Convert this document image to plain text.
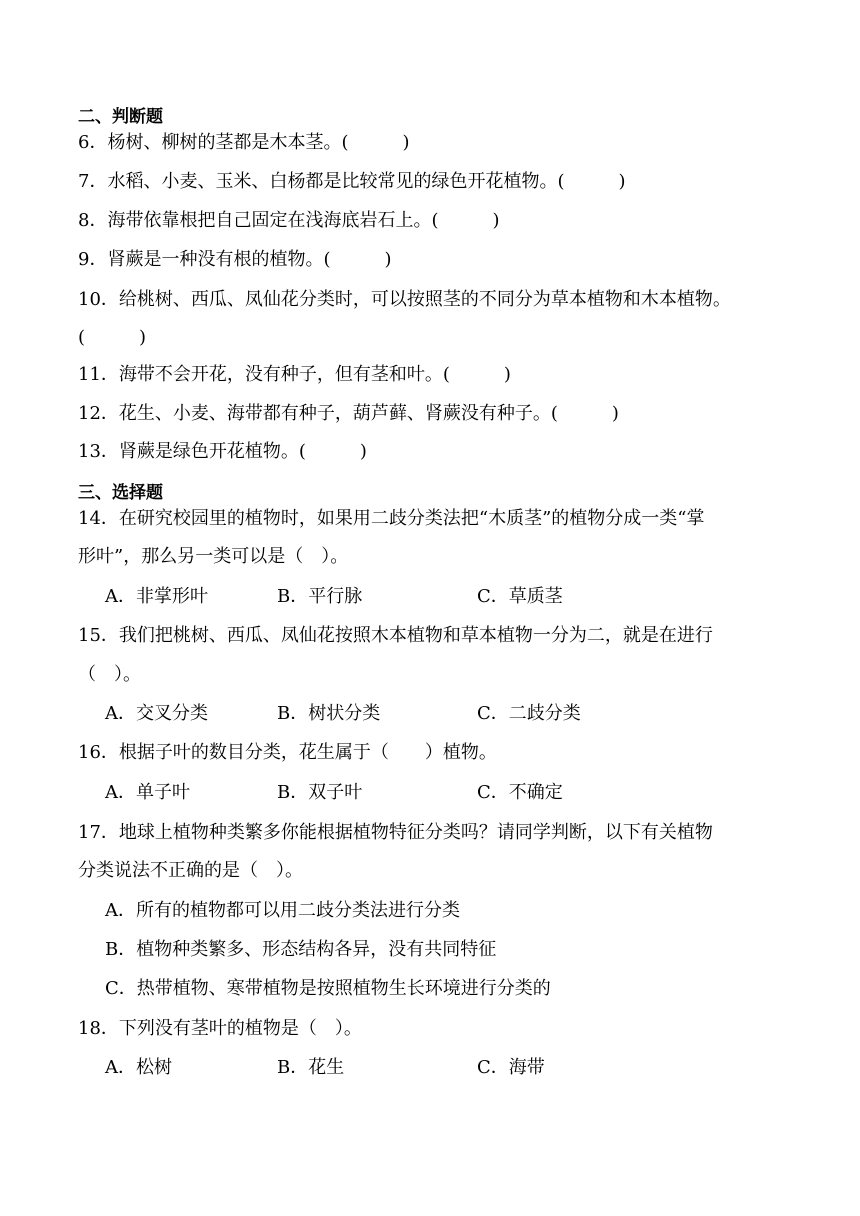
二、判断题
6．杨树、柳树的茎都是木本茎。(　　　)
7．水稻、小麦、玉米、白杨都是比较常见的绿色开花植物。(　　　)
8．海带依靠根把自己固定在浅海底岩石上。(　　　)
9．肾蕨是一种没有根的植物。(　　　)
10．给桃树、西瓜、凤仙花分类时，可以按照茎的不同分为草本植物和木本植物。
(　　　)
11．海带不会开花，没有种子，但有茎和叶。(　　　)
12．花生、小麦、海带都有种子，葫芦藓、肾蕨没有种子。(　　　)
13．肾蕨是绿色开花植物。(　　　)
三、选择题
14．在研究校园里的植物时，如果用二歧分类法把“木质茎”的植物分成一类“掌
形叶”，那么另一类可以是（　）。
A．非掌形叶	B．平行脉	C．草质茎
15．我们把桃树、西瓜、凤仙花按照木本植物和草本植物一分为二，就是在进行
（　）。
A．交叉分类	B．树状分类	C．二歧分类
16．根据子叶的数目分类，花生属于（　　）植物。
A．单子叶	B．双子叶	C．不确定
17．地球上植物种类繁多你能根据植物特征分类吗？请同学判断，以下有关植物
分类说法不正确的是（　）。
A．所有的植物都可以用二歧分类法进行分类
B．植物种类繁多、形态结构各异，没有共同特征
C．热带植物、寒带植物是按照植物生长环境进行分类的
18．下列没有茎叶的植物是（　）。
A．松树	B．花生	C．海带
